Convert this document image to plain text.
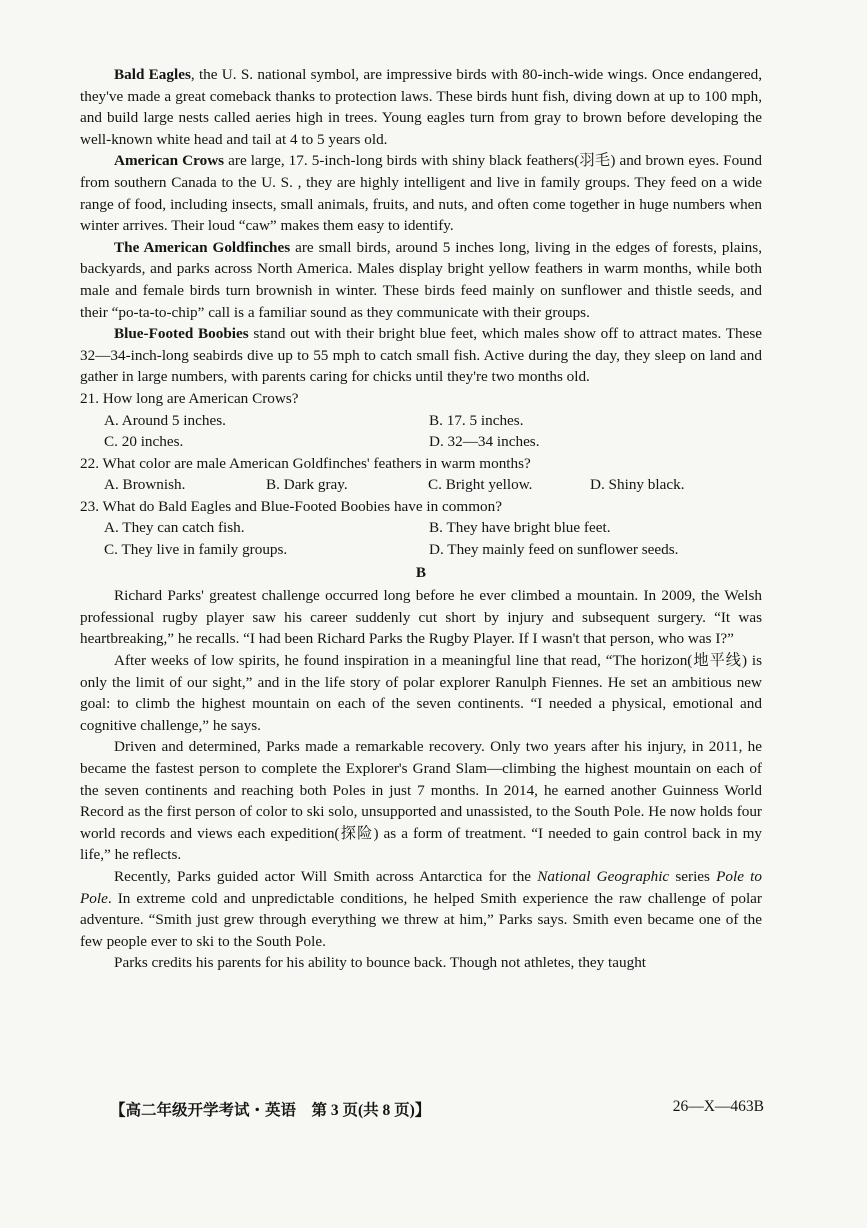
Bald Eagles, the U. S. national symbol, are impressive birds with 80-inch-wide wings. Once endangered, they've made a great comeback thanks to protection laws. These birds hunt fish, diving down at up to 100 mph, and build large nests called aeries high in trees. Young eagles turn from gray to brown before developing the well-known white head and tail at 4 to 5 years old.

American Crows are large, 17. 5-inch-long birds with shiny black feathers(羽毛) and brown eyes. Found from southern Canada to the U. S. , they are highly intelligent and live in family groups. They feed on a wide range of food, including insects, small animals, fruits, and nuts, and often come together in huge numbers when winter arrives. Their loud “caw” makes them easy to identify.

The American Goldfinches are small birds, around 5 inches long, living in the edges of forests, plains, backyards, and parks across North America. Males display bright yellow feathers in warm months, while both male and female birds turn brownish in winter. These birds feed mainly on sunflower and thistle seeds, and their “po-ta-to-chip” call is a familiar sound as they communicate with their groups.

Blue-Footed Boobies stand out with their bright blue feet, which males show off to attract mates. These 32—34-inch-long seabirds dive up to 55 mph to catch small fish. Active during the day, they sleep on land and gather in large numbers, with parents caring for chicks until they're two months old.

21. How long are American Crows?

A. Around 5 inches.	B. 17. 5 inches.
C. 20 inches.	D. 32—34 inches.

22. What color are male American Goldfinches' feathers in warm months?

A. Brownish.	B. Dark gray.	C. Bright yellow.	D. Shiny black.

23. What do Bald Eagles and Blue-Footed Boobies have in common?

A. They can catch fish.	B. They have bright blue feet.
C. They live in family groups.	D. They mainly feed on sunflower seeds.
B

Richard Parks' greatest challenge occurred long before he ever climbed a mountain. In 2009, the Welsh professional rugby player saw his career suddenly cut short by injury and subsequent surgery. “It was heartbreaking,” he recalls. “I had been Richard Parks the Rugby Player. If I wasn't that person, who was I?”

After weeks of low spirits, he found inspiration in a meaningful line that read, “The horizon(地平线) is only the limit of our sight,” and in the life story of polar explorer Ranulph Fiennes. He set an ambitious new goal: to climb the highest mountain on each of the seven continents. “I needed a physical, emotional and cognitive challenge,” he says.

Driven and determined, Parks made a remarkable recovery. Only two years after his injury, in 2011, he became the fastest person to complete the Explorer's Grand Slam—climbing the highest mountain on each of the seven continents and reaching both Poles in just 7 months. In 2014, he earned another Guinness World Record as the first person of color to ski solo, unsupported and unassisted, to the South Pole. He now holds four world records and views each expedition(探险) as a form of treatment. “I needed to gain control back in my life,” he reflects.

Recently, Parks guided actor Will Smith across Antarctica for the National Geographic series Pole to Pole. In extreme cold and unpredictable conditions, he helped Smith experience the raw challenge of polar adventure. “Smith just grew through everything we threw at him,” Parks says. Smith even became one of the few people ever to ski to the South Pole.

Parks credits his parents for his ability to bounce back. Though not athletes, they taught

【高二年级开学考试・英语　第 3 页(共 8 页)】	26—X—463B
